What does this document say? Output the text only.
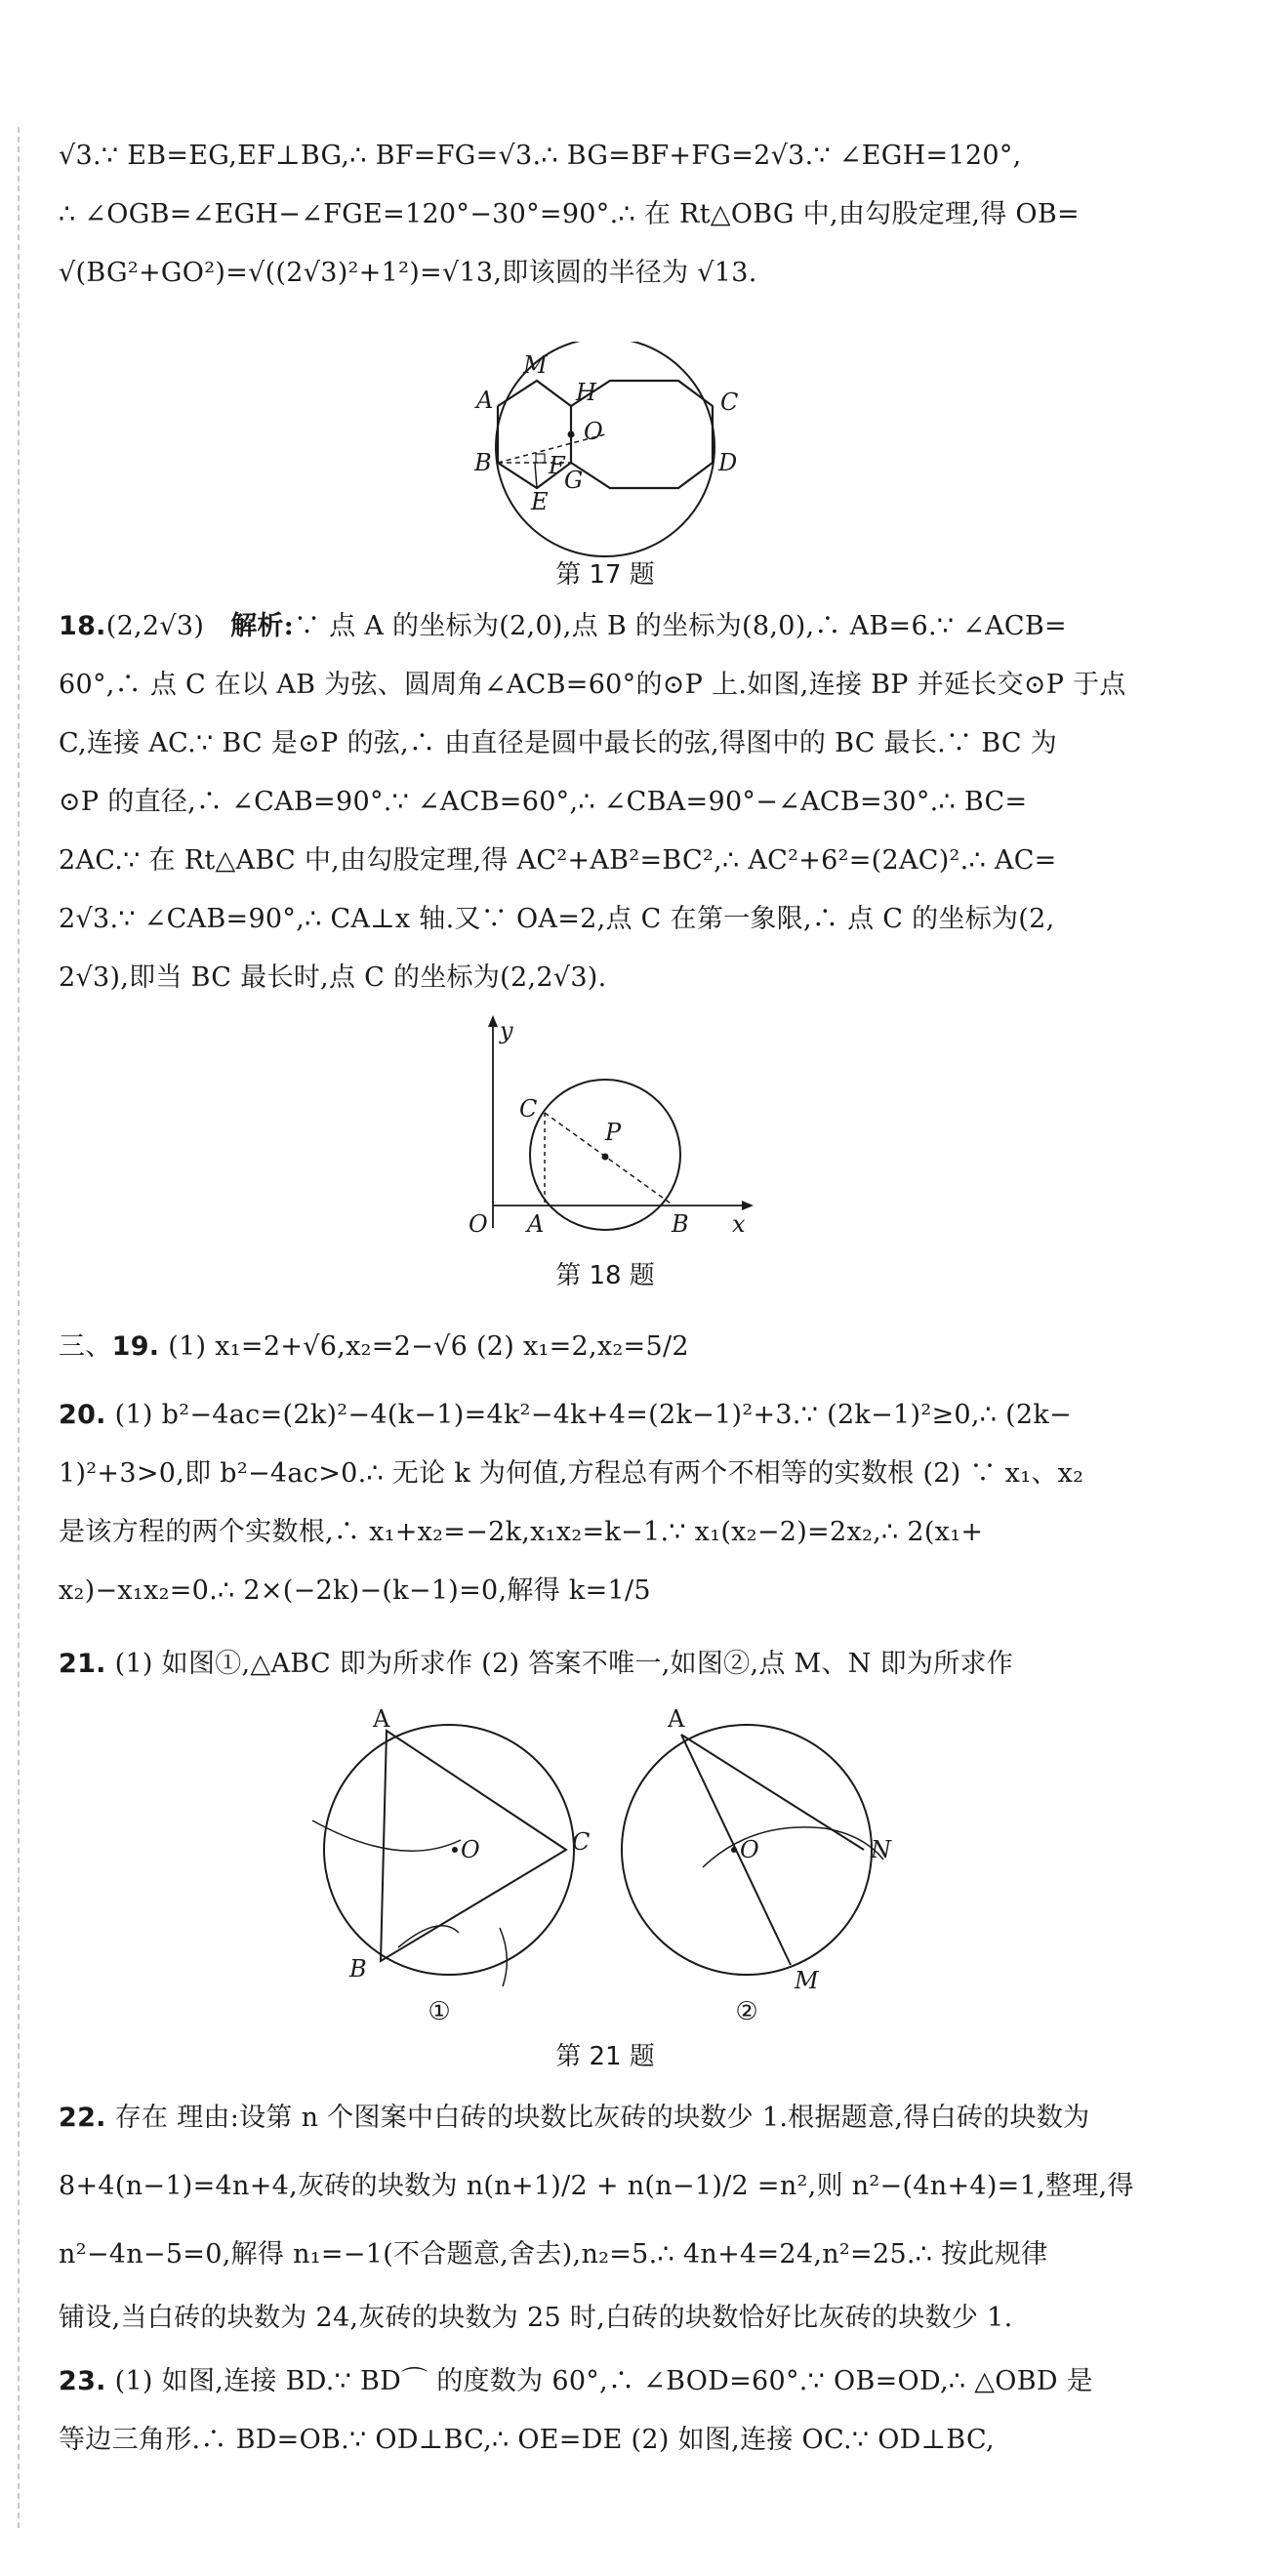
√3.∵ EB=EG,EF⊥BG,∴ BF=FG=√3.∴ BG=BF+FG=2√3.∵ ∠EGH=120°,
∴ ∠OGB=∠EGH−∠FGE=120°−30°=90°.∴ 在 Rt△OBG 中,由勾股定理,得 OB=
√(BG²+GO²)=√((2√3)²+1²)=√13,即该圆的半径为 √13.
M
H	C
A
O
B F
G
D
E
第 17 题
18.(2,2√3) 解析:∵ 点 A 的坐标为(2,0),点 B 的坐标为(8,0),∴ AB=6.∵ ∠ACB=
60°,∴ 点 C 在以 AB 为弦、圆周角∠ACB=60°的⊙P 上.如图,连接 BP 并延长交⊙P 于点
C,连接 AC.∵ BC 是⊙P 的弦,∴ 由直径是圆中最长的弦,得图中的 BC 最长.∵ BC 为
⊙P 的直径,∴ ∠CAB=90°.∵ ∠ACB=60°,∴ ∠CBA=90°−∠ACB=30°.∴ BC=
2AC.∵ 在 Rt△ABC 中,由勾股定理,得 AC²+AB²=BC²,∴ AC²+6²=(2AC)².∴ AC=
2√3.∵ ∠CAB=90°,∴ CA⊥x 轴.又∵ OA=2,点 C 在第一象限,∴ 点 C 的坐标为(2,
2√3),即当 BC 最长时,点 C 的坐标为(2,2√3).
y
C
P
O A	B x
第 18 题
三、19. (1) x₁=2+√6,x₂=2−√6 (2) x₁=2,x₂=5/2
20. (1) b²−4ac=(2k)²−4(k−1)=4k²−4k+4=(2k−1)²+3.∵ (2k−1)²≥0,∴ (2k−
1)²+3>0,即 b²−4ac>0.∴ 无论 k 为何值,方程总有两个不相等的实数根 (2) ∵ x₁、x₂
是该方程的两个实数根,∴ x₁+x₂=−2k,x₁x₂=k−1.∵ x₁(x₂−2)=2x₂,∴ 2(x₁+
x₂)−x₁x₂=0.∴ 2×(−2k)−(k−1)=0,解得 k=1/5
21. (1) 如图①,△ABC 即为所求作 (2) 答案不唯一,如图②,点 M、N 即为所求作
A
O	C
B
①
A
O	N
M
②
第 21 题
22. 存在 理由:设第 n 个图案中白砖的块数比灰砖的块数少 1.根据题意,得白砖的块数为
8+4(n−1)=4n+4,灰砖的块数为 n(n+1)/2 + n(n−1)/2 =n²,则 n²−(4n+4)=1,整理,得
n²−4n−5=0,解得 n₁=−1(不合题意,舍去),n₂=5.∴ 4n+4=24,n²=25.∴ 按此规律
铺设,当白砖的块数为 24,灰砖的块数为 25 时,白砖的块数恰好比灰砖的块数少 1.
23. (1) 如图,连接 BD.∵ BD⌒ 的度数为 60°,∴ ∠BOD=60°.∵ OB=OD,∴ △OBD 是
等边三角形.∴ BD=OB.∵ OD⊥BC,∴ OE=DE (2) 如图,连接 OC.∵ OD⊥BC,
